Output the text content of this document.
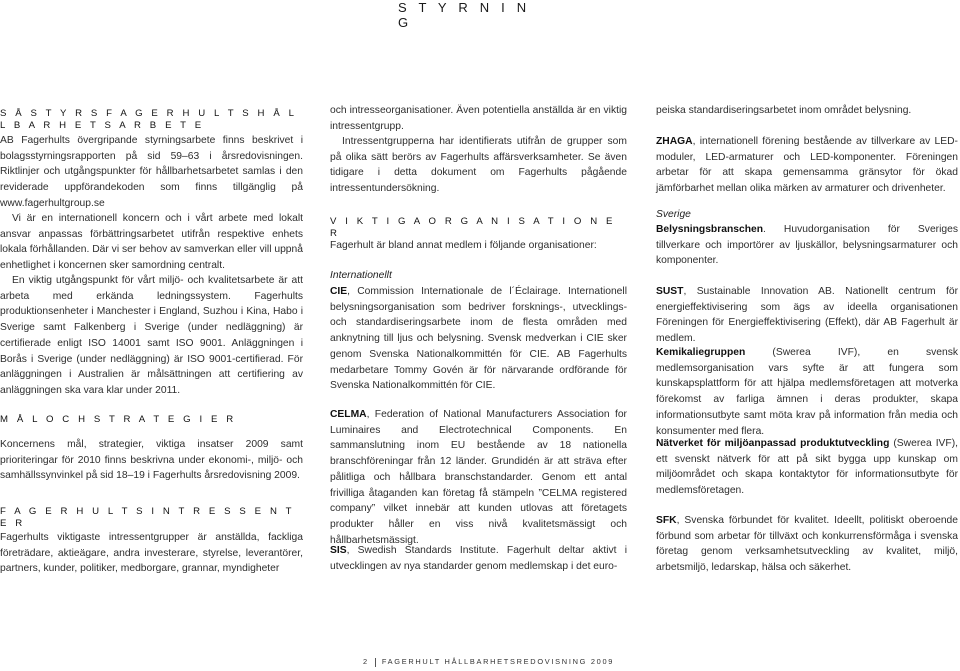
S T Y R N I N G
S Å S T Y R S F A G E R H U L T S H Å L L B A R H E T S A R B E T E

AB Fagerhults övergripande styrningsarbete finns beskrivet i bolagsstyrningsrapporten på sid 59–63 i årsredovisningen. Riktlinjer och utgångspunkter för hållbarhetsarbetet samlas i den reviderade uppförandekoden som finns tillgänglig på www.fagerhultgroup.se

Vi är en internationell koncern och i vårt arbete med lokalt ansvar anpassas förbättringsarbetet utifrån respektive enhets lokala förhållanden. Där vi ser behov av samverkan eller vill uppnå enhetlighet i koncernen sker samordning centralt.

En viktig utgångspunkt för vårt miljö- och kvalitetsarbete är att arbeta med erkända ledningssystem. Fagerhults produktionsenheter i Manchester i England, Suzhou i Kina, Habo i Sverige samt Falkenberg i Sverige (under nedläggning) är certifierade enligt ISO 14001 samt ISO 9001. Anläggningen i Borås i Sverige (under nedläggning) är ISO 9001-certifierad. För anläggningen i Australien är målsättningen att certifiering av anläggningen ska vara klar under 2011.

M Å L O C H S T R A T E G I E R

Koncernens mål, strategier, viktiga insatser 2009 samt prioriteringar för 2010 finns beskrivna under ekonomi-, miljö- och samhällssynvinkel på sid 18–19 i Fagerhults årsredovisning 2009.

F A G E R H U L T S I N T R E S S E N T E R

Fagerhults viktigaste intressentgrupper är anställda, fackliga företrädare, aktieägare, andra investerare, styrelse, leverantörer, partners, kunder, politiker, medborgare, grannar, myndigheter

och intresseorganisationer. Även potentiella anställda är en viktig intressentgrupp.

Intressentgrupperna har identifierats utifrån de grupper som på olika sätt berörs av Fagerhults affärsverksamheter. Se även tidigare i detta dokument om Fagerhults pågående intressentundersökning.

V I K T I G A O R G A N I S A T I O N E R

Fagerhult är bland annat medlem i följande organisationer:

Internationellt

CIE, Commission Internationale de l´Éclairage. Internationell belysningsorganisation som bedriver forsknings-, utvecklings- och standardiseringsarbete inom de flesta områden med anknytning till ljus och belysning. Svensk medverkan i CIE sker genom Svenska Nationalkommittén för CIE. AB Fagerhults medarbetare Tommy Govén är för närvarande ordförande för Svenska Nationalkommittén för CIE.

CELMA, Federation of National Manufacturers Association for Luminaires and Electrotechnical Components. En sammanslutning inom EU bestående av 18 nationella branschföreningar från 12 länder. Grundidén är att sträva efter pålitliga och hållbara branschstandarder. Genom ett antal frivilliga åtaganden kan företag få stämpeln ”CELMA registered company” vilket innebär att kunden utlovas att företagets produkter håller en viss nivå kvalitetsmässigt och hållbarhetsmässigt.

SIS, Swedish Standards Institute. Fagerhult deltar aktivt i utvecklingen av nya standarder genom medlemskap i det euro-

peiska standardiseringsarbetet inom området belysning.

ZHAGA, internationell förening bestående av tillverkare av LED-moduler, LED-armaturer och LED-komponenter. Föreningen arbetar för att skapa gemensamma gränsytor för ökad jämförbarhet mellan olika märken av armaturer och drivenheter.

Sverige

Belysningsbranschen. Huvudorganisation för Sveriges tillverkare och importörer av ljuskällor, belysningsarmaturer och komponenter.

SUST, Sustainable Innovation AB. Nationellt centrum för energieffektivisering som ägs av ideella organisationen Föreningen för Energieffektivisering (Effekt), där AB Fagerhult är medlem.

Kemikaliegruppen (Swerea IVF), en svensk medlemsorganisation vars syfte är att fungera som kunskapsplattform för att hjälpa medlemsföretagen att motverka förekomst av farliga ämnen i deras produkter, skapa informationsutbyte samt möta krav på information från media och konsumenter med flera.

Nätverket för miljöanpassad produktutveckling (Swerea IVF), ett svenskt nätverk för att på sikt bygga upp kunskap om miljöområdet och skapa kontaktytor för informationsutbyte för medlemsföretagen.

SFK, Svenska förbundet för kvalitet. Ideellt, politiskt oberoende förbund som arbetar för tillväxt och konkurrensförmåga i svenska företag genom verksamhetsutveckling av kvalitet, miljö, arbetsmiljö, ledarskap, hälsa och säkerhet.

2 FAGERHULT HÅLLBARHETSREDOVISNING 2009
